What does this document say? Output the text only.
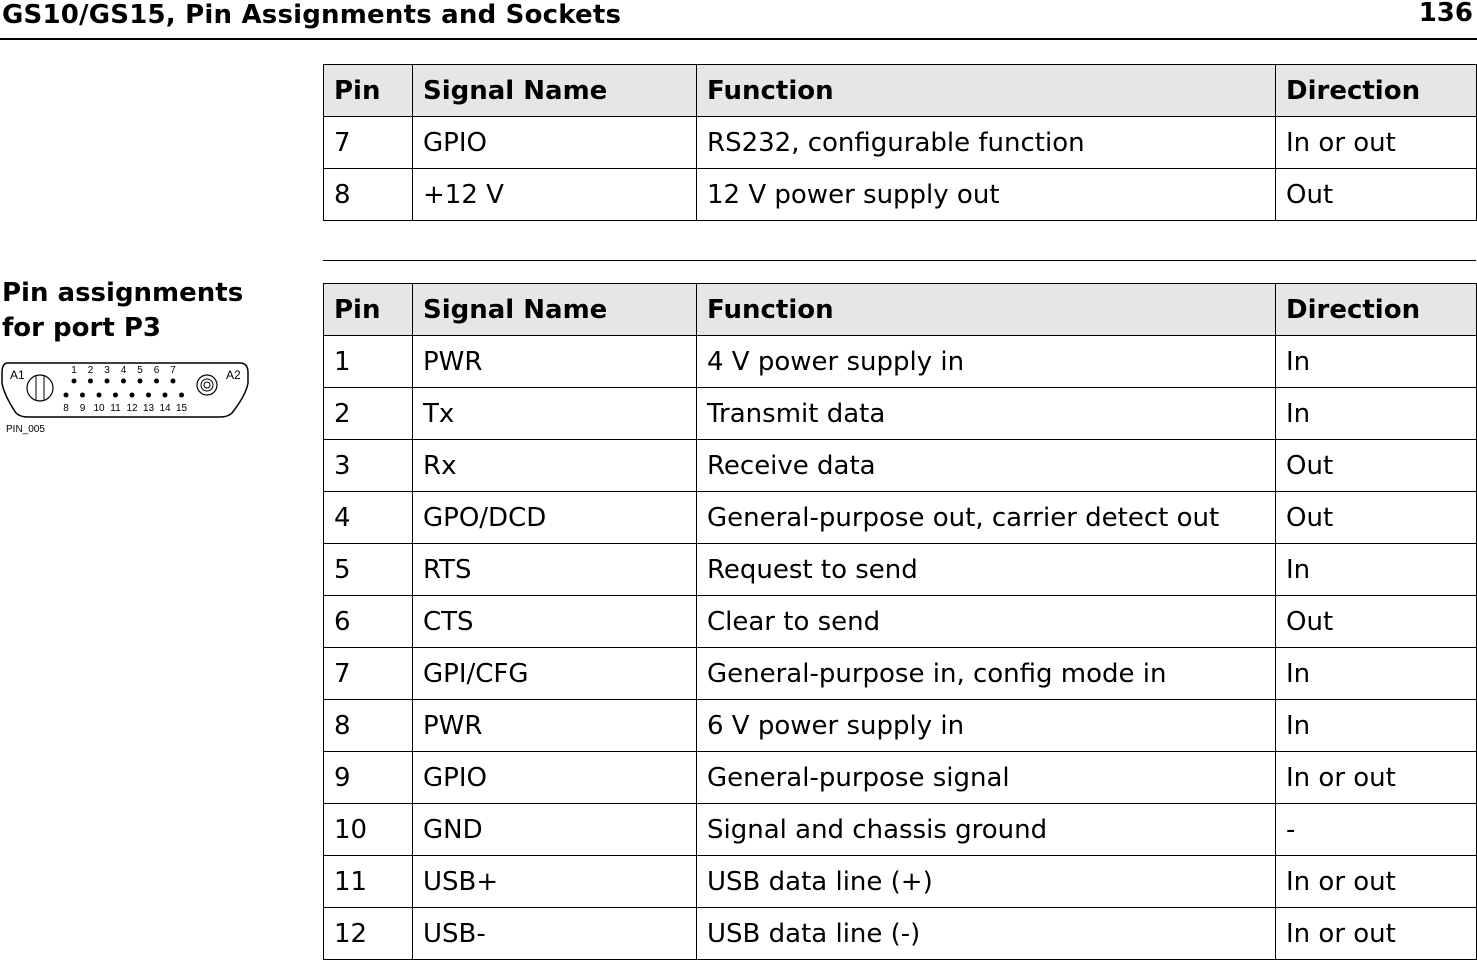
GS10/GS15, Pin Assignments and Sockets	136
Pin	Signal Name	Function	Direction
7	GPIO	RS232, configurable function	In or out
8	+12 V	12 V power supply out	Out
Pin assignments
for port P3
A1	A2
1 2 3 4 5 6 7
8 9 10 11 12 13 14 15
PIN_005
Pin	Signal Name	Function	Direction
1	PWR	4 V power supply in	In
2	Tx	Transmit data	In
3	Rx	Receive data	Out
4	GPO/DCD	General-purpose out, carrier detect out	Out
5	RTS	Request to send	In
6	CTS	Clear to send	Out
7	GPI/CFG	General-purpose in, config mode in	In
8	PWR	6 V power supply in	In
9	GPIO	General-purpose signal	In or out
10	GND	Signal and chassis ground	-
11	USB+	USB data line (+)	In or out
12	USB-	USB data line (-)	In or out
